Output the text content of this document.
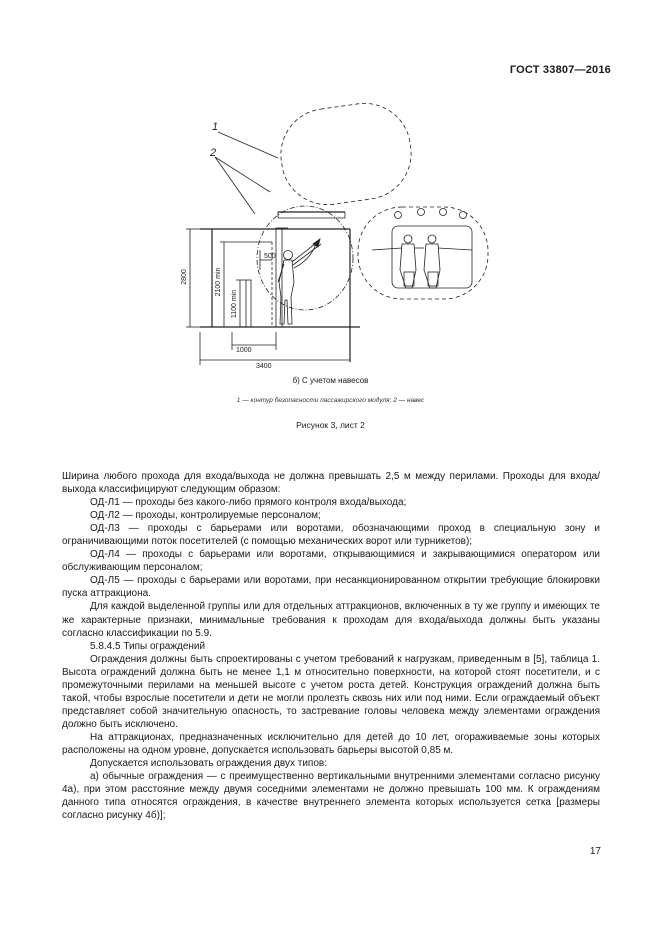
ГОСТ 33807—2016
1
2
500
1000
3400
2800	2100 min
1100 min
б) С учетом навесов
1 — контур безопасности пассажирского модуля; 2 — навес
Рисунок 3, лист 2

Ширина любого прохода для входа/выхода не должна превышать 2,5 м между перилами. Проходы для входа/выхода классифицируют следующим образом:

ОД-Л1 — проходы без какого-либо прямого контроля входа/выхода;

ОД-Л2 — проходы, контролируемые персоналом;

ОД-Л3 — проходы с барьерами или воротами, обозначающими проход в специальную зону и ограничивающими поток посетителей (с помощью механических ворот или турникетов);

ОД-Л4 — проходы с барьерами или воротами, открывающимися и закрывающимися оператором или обслуживающим персоналом;

ОД-Л5 — проходы с барьерами или воротами, при несанкционированном открытии требующие блокировки пуска аттракциона.

Для каждой выделенной группы или для отдельных аттракционов, включенных в ту же группу и имеющих те же характерные признаки, минимальные требования к проходам для входа/выхода должны быть указаны согласно классификации по 5.9.

5.8.4.5 Типы ограждений

Ограждения должны быть спроектированы с учетом требований к нагрузкам, приведенным в [5], таблица 1. Высота ограждений должна быть не менее 1,1 м относительно поверхности, на которой стоят посетители, и с промежуточными перилами на меньшей высоте с учетом роста детей. Конструкция ограждений должна быть такой, чтобы взрослые посетители и дети не могли пролезть сквозь них или под ними. Если ограждаемый объект представляет собой значительную опасность, то застревание головы человека между элементами ограждения должно быть исключено.

На аттракционах, предназначенных исключительно для детей до 10 лет, огораживаемые зоны которых расположены на одном уровне, допускается использовать барьеры высотой 0,85 м.

Допускается использовать ограждения двух типов:

а) обычные ограждения — с преимущественно вертикальными внутренними элементами согласно рисунку 4а), при этом расстояние между двумя соседними элементами не должно превышать 100 мм. К ограждениям данного типа относятся ограждения, в качестве внутреннего элемента которых используется сетка [размеры согласно рисунку 4б)];

17
